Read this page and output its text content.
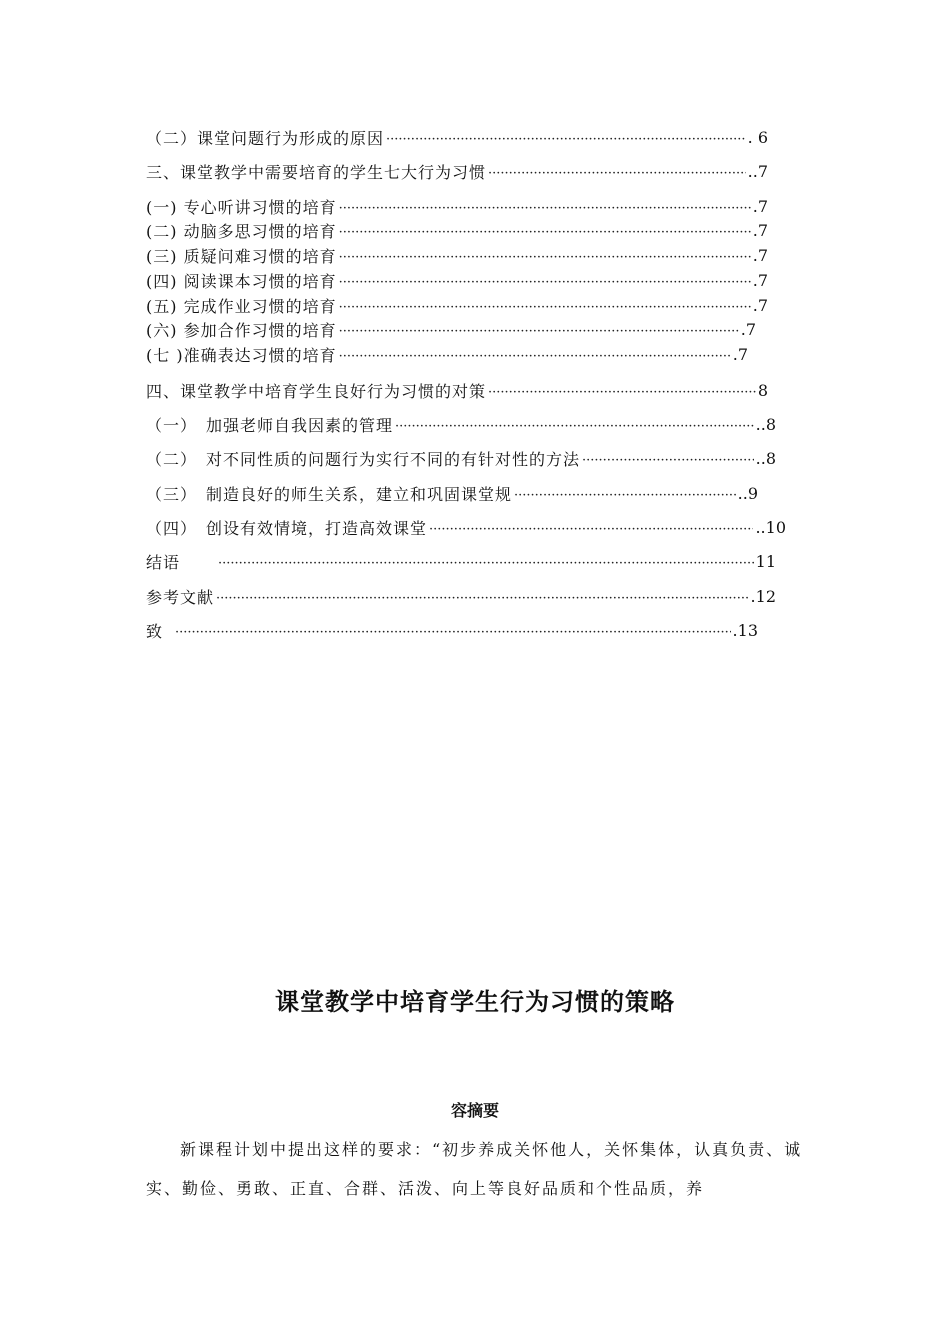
（二）课堂问题行为形成的原因 ·····	. 6
三、课堂教学中需要培育的学生七大行为习惯 ·····	..7
(一) 专心听讲习惯的培育 ·····	.7
(二) 动脑多思习惯的培育 ·····	.7
(三) 质疑问难习惯的培育 ·····	.7
(四) 阅读课本习惯的培育 ·····	.7
(五) 完成作业习惯的培育 ·····	.7
(六) 参加合作习惯的培育 ·····	.7
(七 )准确表达习惯的培育 ·····	.7
四、课堂教学中培育学生良好行为习惯的对策 ·····	8
（一）　加强老师自我因素的管理 ·····	..8
（二）　对不同性质的问题行为实行不同的有针对性的方法 ·····	..8
（三）　制造良好的师生关系，建立和巩固课堂规 ·····	..9
（四）　创设有效情境，打造高效课堂 ·····	..10
结语 ·····	11
参考文献 ·····	.12
致 ·····	.13
课堂教学中培育学生行为习惯的策略
容摘要
新课程计划中提出这样的要求：“初步养成关怀他人，关怀集体，认真负责、诚实、勤俭、勇敢、正直、合群、活泼、向上等良好品质和个性品质，养
